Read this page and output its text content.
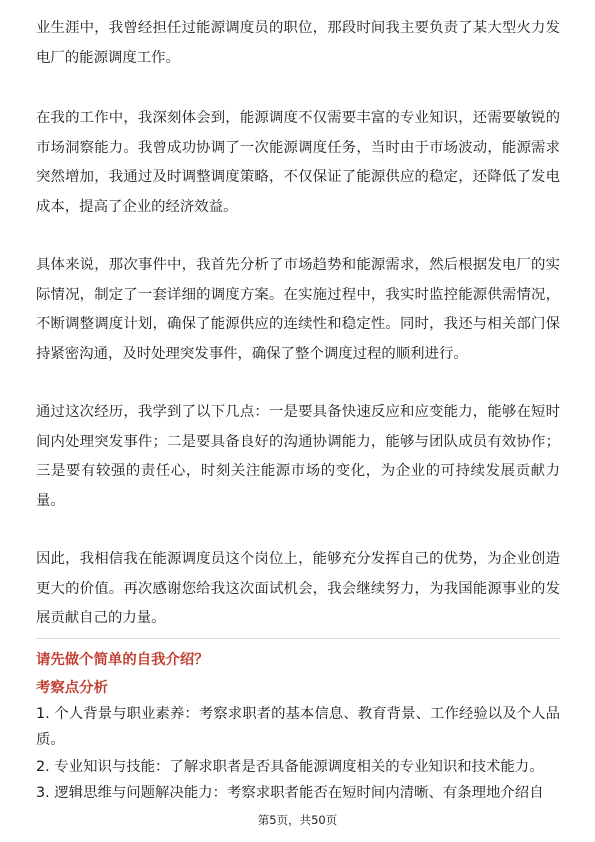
业生涯中，我曾经担任过能源调度员的职位，那段时间我主要负责了某大型火力发电厂的能源调度工作。

在我的工作中，我深刻体会到，能源调度不仅需要丰富的专业知识，还需要敏锐的市场洞察能力。我曾成功协调了一次能源调度任务，当时由于市场波动，能源需求突然增加，我通过及时调整调度策略，不仅保证了能源供应的稳定，还降低了发电成本，提高了企业的经济效益。

具体来说，那次事件中，我首先分析了市场趋势和能源需求，然后根据发电厂的实际情况，制定了一套详细的调度方案。在实施过程中，我实时监控能源供需情况，不断调整调度计划，确保了能源供应的连续性和稳定性。同时，我还与相关部门保持紧密沟通，及时处理突发事件，确保了整个调度过程的顺利进行。

通过这次经历，我学到了以下几点：一是要具备快速反应和应变能力，能够在短时间内处理突发事件；二是要具备良好的沟通协调能力，能够与团队成员有效协作；三是要有较强的责任心，时刻关注能源市场的变化，为企业的可持续发展贡献力量。

因此，我相信我在能源调度员这个岗位上，能够充分发挥自己的优势，为企业创造更大的价值。再次感谢您给我这次面试机会，我会继续努力，为我国能源事业的发展贡献自己的力量。

请先做个简单的自我介绍？

考察点分析

1. 个人背景与职业素养：考察求职者的基本信息、教育背景、工作经验以及个人品质。
2. 专业知识与技能：了解求职者是否具备能源调度相关的专业知识和技术能力。
3. 逻辑思维与问题解决能力：考察求职者能否在短时间内清晰、有条理地介绍自
第5页，共50页
